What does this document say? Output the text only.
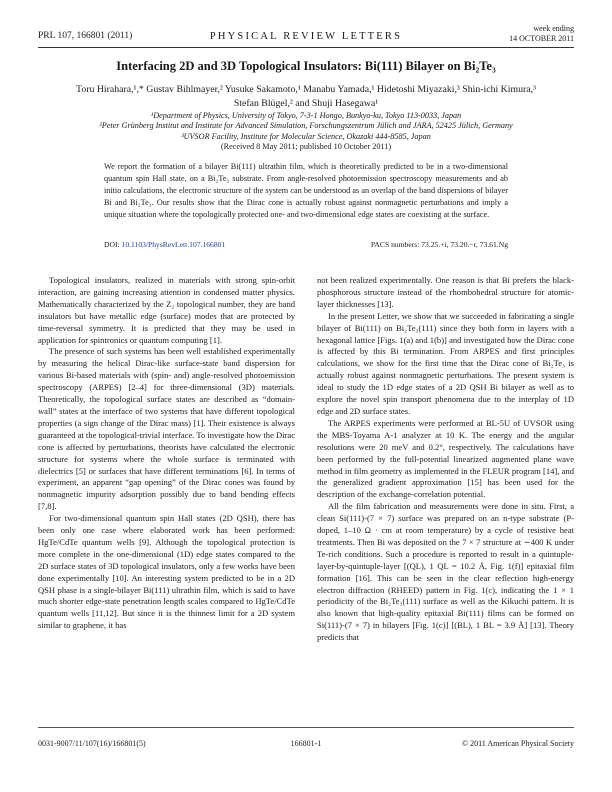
PRL 107, 166801 (2011)	PHYSICAL REVIEW LETTERS
week ending
14 OCTOBER 2011
Interfacing 2D and 3D Topological Insulators: Bi(111) Bilayer on Bi₂Te₃
Toru Hirahara,¹,* Gustav Bihlmayer,² Yusuke Sakamoto,¹ Manabu Yamada,¹ Hidetoshi Miyazaki,³ Shin-ichi Kimura,³
Stefan Blügel,² and Shuji Hasegawa¹
¹Department of Physics, University of Tokyo, 7-3-1 Hongo, Bunkyo-ku, Tokyo 113-0033, Japan
²Peter Grünberg Institut and Institute for Advanced Simulation, Forschungszentrum Jülich and JARA, 52425 Jülich, Germany
³UVSOR Facility, Institute for Molecular Science, Okazaki 444-8585, Japan
(Received 8 May 2011; published 10 October 2011)
We report the formation of a bilayer Bi(111) ultrathin film, which is theoretically predicted to be in a two-dimensional quantum spin Hall state, on a Bi₂Te₃ substrate. From angle-resolved photoemission spectroscopy measurements and ab initio calculations, the electronic structure of the system can be understood as an overlap of the band dispersions of bilayer Bi and Bi₂Te₃. Our results show that the Dirac cone is actually robust against nonmagnetic perturbations and imply a unique situation where the topologically protected one- and two-dimensional edge states are coexisting at the surface.
DOI: 10.1103/PhysRevLett.107.166801	PACS numbers: 73.25.+i, 73.20.−r, 73.61.Ng

Topological insulators, realized in materials with strong spin-orbit interaction, are gaining increasing attention in condensed matter physics. Mathematically characterized by the Z₂ topological number, they are band insulators but have metallic edge (surface) modes that are protected by time-reversal symmetry. It is predicted that they may be used in application for spintronics or quantum computing [1].

The presence of such systems has been well established experimentally by measuring the helical Dirac-like surface-state band dispersion for various Bi-based materials with (spin- and) angle-resolved photoemission spectroscopy (ARPES) [2–4] for three-dimensional (3D) materials. Theoretically, the topological surface states are described as “domain-wall” states at the interface of two systems that have different topological properties (a sign change of the Dirac mass) [1]. Their existence is always guaranteed at the topological-trivial interface. To investigate how the Dirac cone is affected by perturbations, theorists have calculated the electronic structure for systems where the whole surface is terminated with dielectrics [5] or surfaces that have different terminations [6]. In terms of experiment, an apparent “gap opening” of the Dirac cones was found by nonmagnetic impurity adsorption possibly due to band bending effects [7,8].

For two-dimensional quantum spin Hall states (2D QSH), there has been only one case where elaborated work has been performed: HgTe/CdTe quantum wells [9]. Although the topological protection is more complete in the one-dimensional (1D) edge states compared to the 2D surface states of 3D topological insulators, only a few works have been done experimentally [10]. An interesting system predicted to be in a 2D QSH phase is a single-bilayer Bi(111) ultrathin film, which is said to have much shorter edge-state penetration length scales compared to HgTe/CdTe quantum wells [11,12]. But since it is the thinnest limit for a 2D system similar to graphene, it has

not been realized experimentally. One reason is that Bi prefers the black-phosphorous structure instead of the rhombohedral structure for atomic-layer thicknesses [13].

In the present Letter, we show that we succeeded in fabricating a single bilayer of Bi(111) on Bi₂Te₃(111) since they both form in layers with a hexagonal lattice [Figs. 1(a) and 1(b)] and investigated how the Dirac cone is affected by this Bi termination. From ARPES and first principles calculations, we show for the first time that the Dirac cone of Bi₂Te₃ is actually robust against nonmagnetic perturbations. The present system is ideal to study the 1D edge states of a 2D QSH Bi bilayer as well as to explore the novel spin transport phenomena due to the interplay of 1D edge and 2D surface states.

The ARPES experiments were performed at BL-5U of UVSOR using the MBS-Toyama A-1 analyzer at 10 K. The energy and the angular resolutions were 20 meV and 0.2°, respectively. The calculations have been performed by the full-potential linearized augmented plane wave method in film geometry as implemented in the FLEUR program [14], and the generalized gradient approximation [15] has been used for the description of the exchange-correlation potential.

All the film fabrication and measurements were done in situ. First, a clean Si(111)-(7 × 7) surface was prepared on an n-type substrate (P-doped, 1–10 Ω · cm at room temperature) by a cycle of resistive heat treatments. Then Bi was deposited on the 7 × 7 structure at ∼400 K under Te-rich conditions. Such a procedure is reported to result in a quintuple-layer-by-quintuple-layer [(QL), 1 QL = 10.2 Å, Fig. 1(f)] epitaxial film formation [16]. This can be seen in the clear reflection high-energy electron diffraction (RHEED) pattern in Fig. 1(c), indicating the 1 × 1 periodicity of the Bi₂Te₃(111) surface as well as the Kikuchi pattern. It is also known that high-quality epitaxial Bi(111) films can be formed on Si(111)-(7 × 7) in bilayers [Fig. 1(c)] [(BL), 1 BL = 3.9 Å] [13]. Theory predicts that

0031-9007/11/107(16)/166801(5)	166801-1	© 2011 American Physical Society
